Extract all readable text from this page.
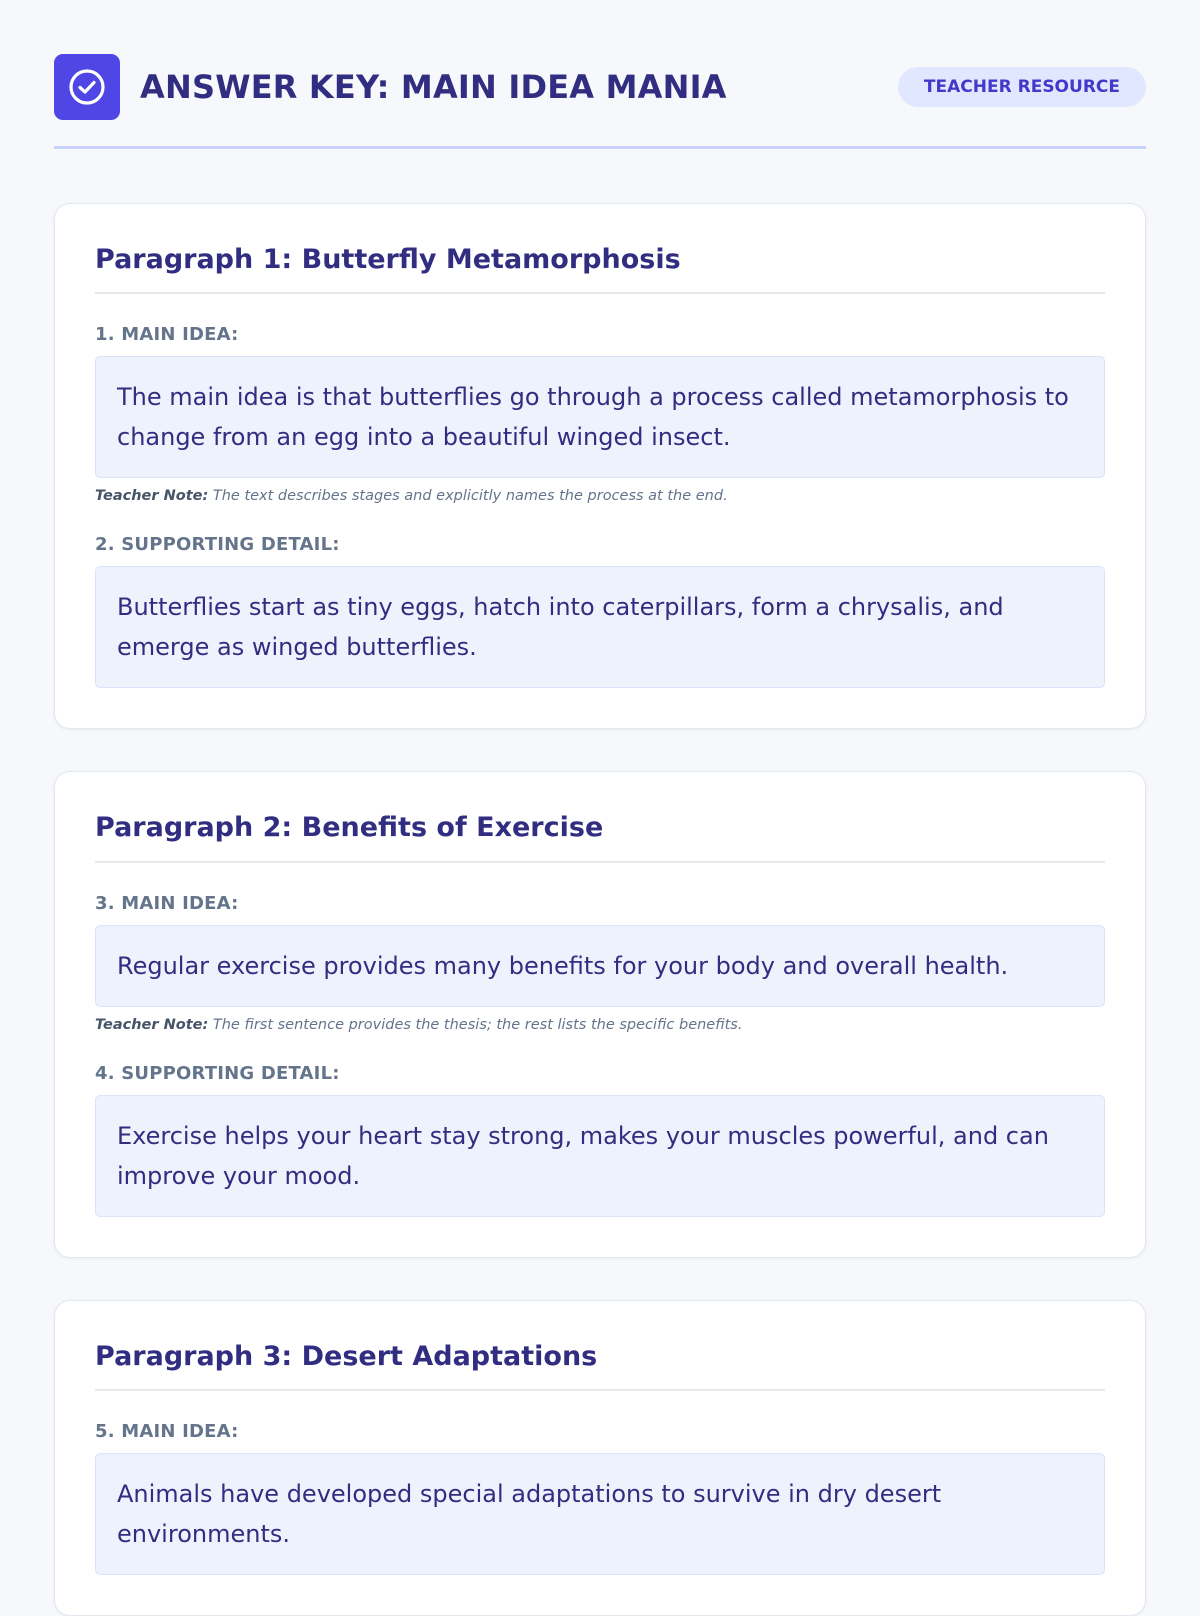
ANSWER KEY: MAIN IDEA MANIA	TEACHER RESOURCE
Paragraph 1: Butterfly Metamorphosis
1. MAIN IDEA:
The main idea is that butterflies go through a process called metamorphosis to change from an egg into a beautiful winged insect.
Teacher Note: The text describes stages and explicitly names the process at the end.
2. SUPPORTING DETAIL:
Butterflies start as tiny eggs, hatch into caterpillars, form a chrysalis, and emerge as winged butterflies.
Paragraph 2: Benefits of Exercise
3. MAIN IDEA:
Regular exercise provides many benefits for your body and overall health.
Teacher Note: The first sentence provides the thesis; the rest lists the specific benefits.
4. SUPPORTING DETAIL:
Exercise helps your heart stay strong, makes your muscles powerful, and can improve your mood.
Paragraph 3: Desert Adaptations
5. MAIN IDEA:
Animals have developed special adaptations to survive in dry desert environments.
